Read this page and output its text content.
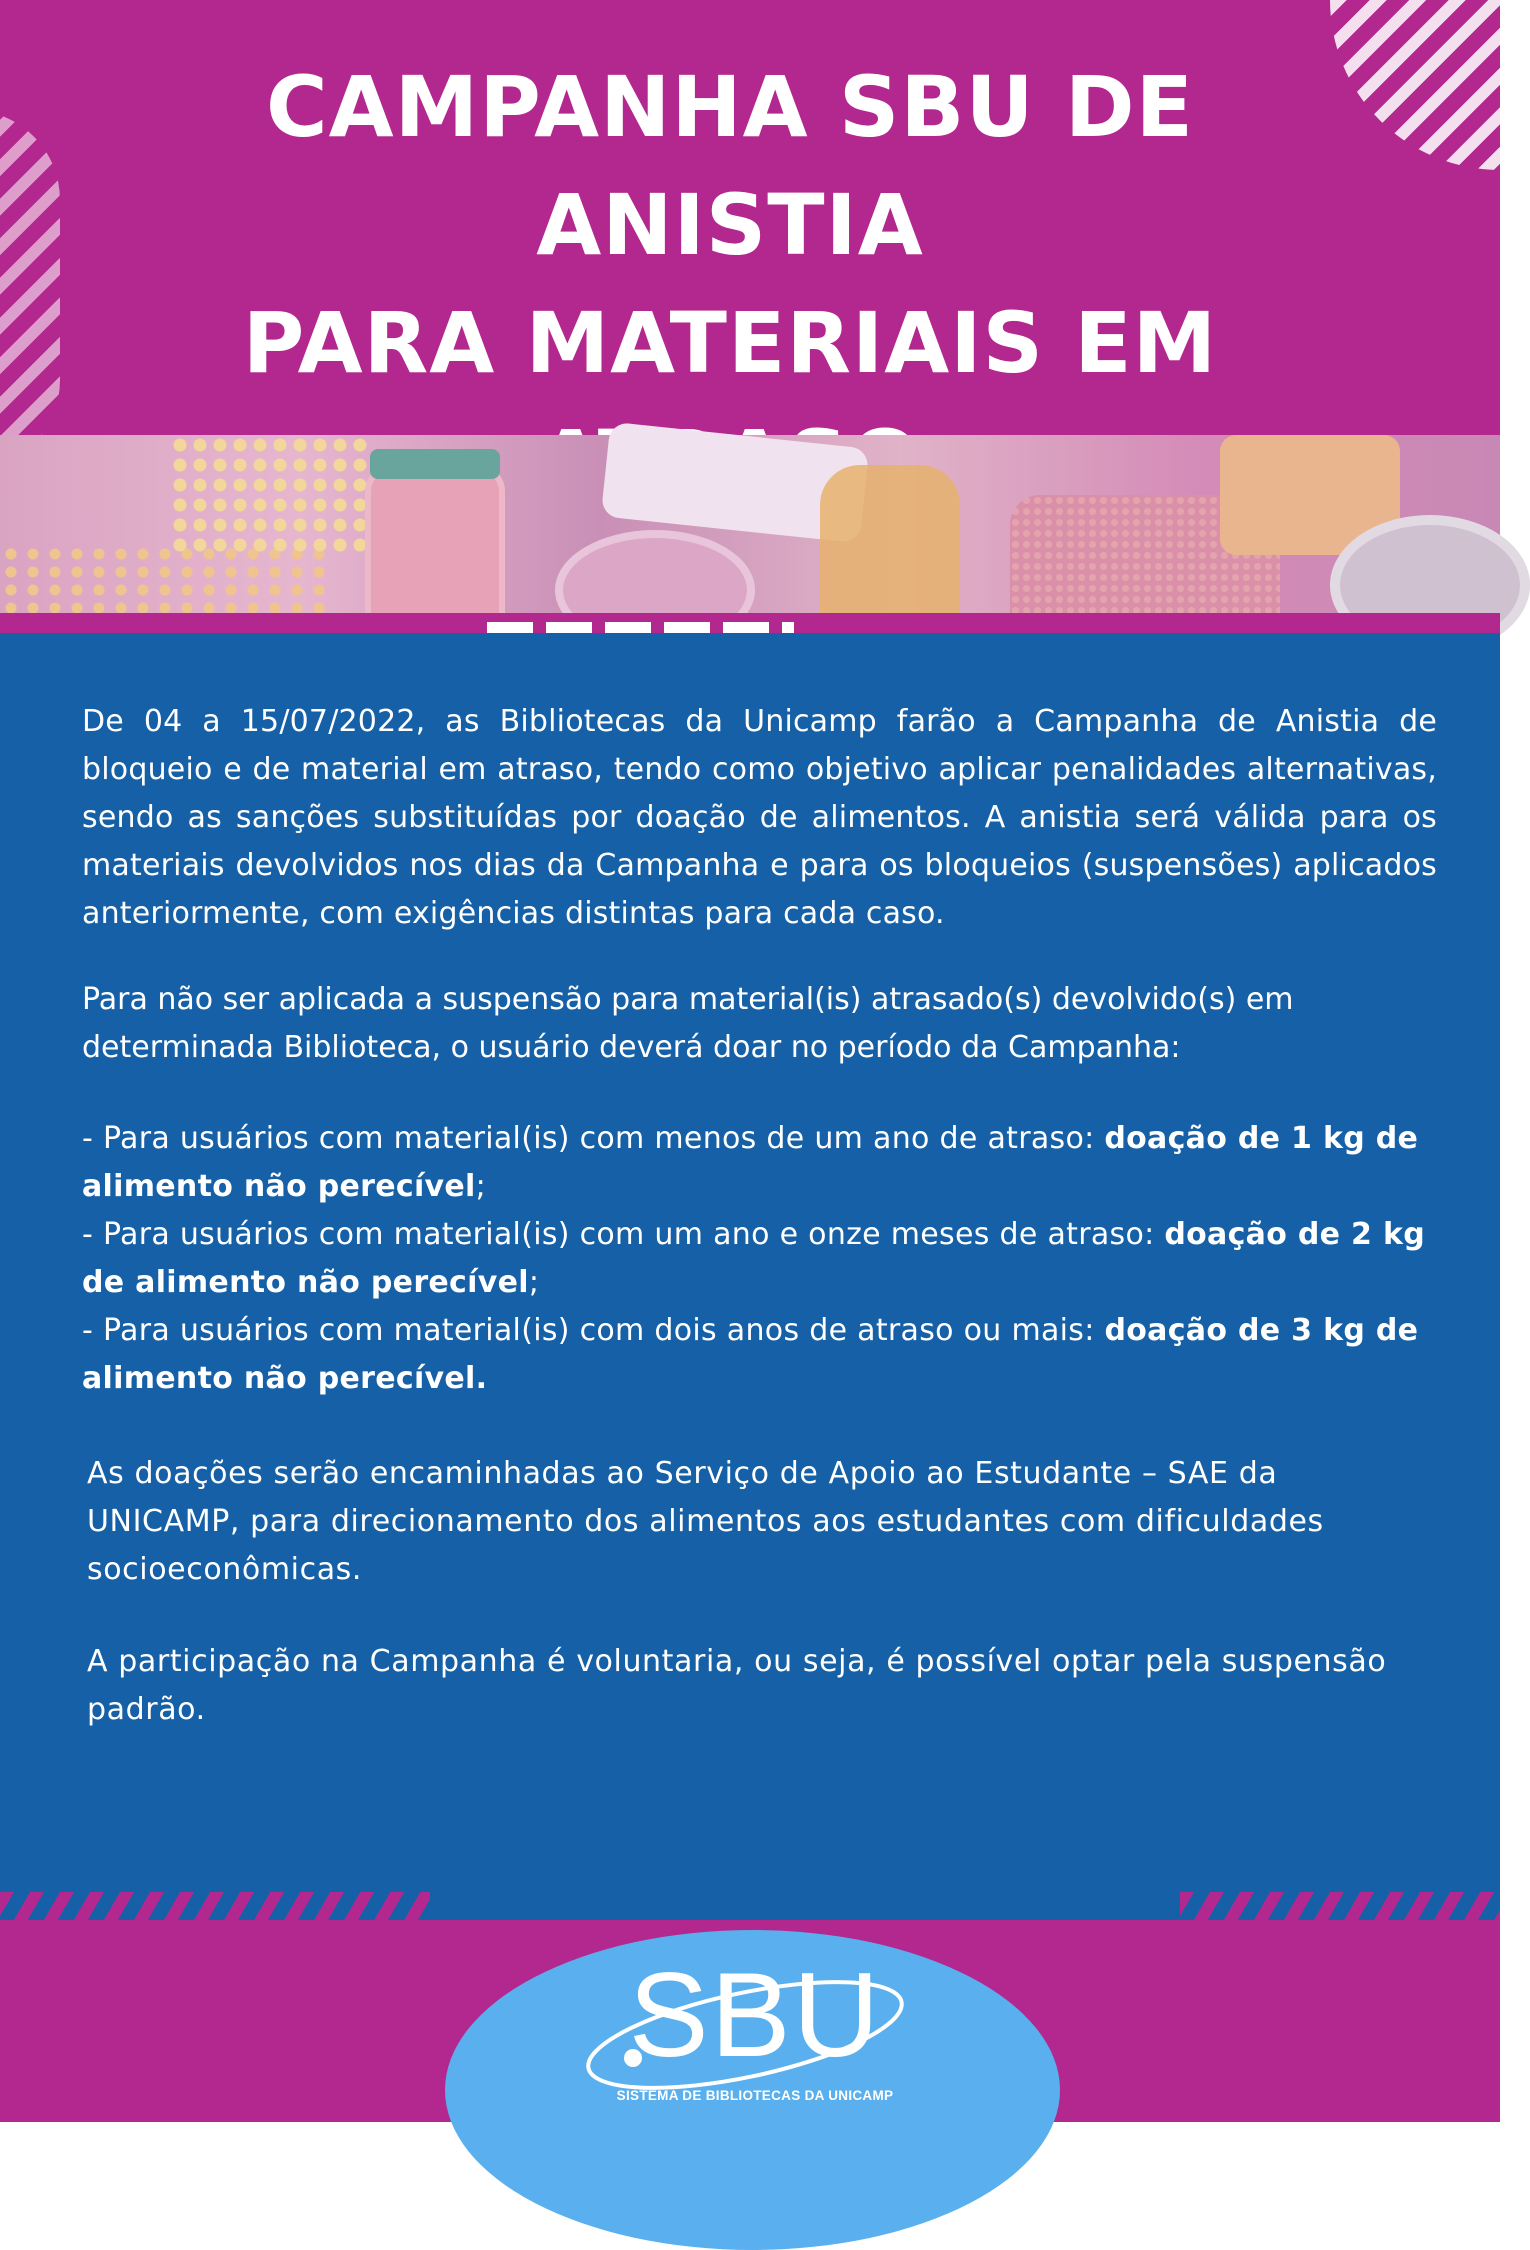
CAMPANHA SBU DE ANISTIA
PARA MATERIAIS EM

De 04 a 15/07/2022, as Bibliotecas da Unicamp farão a Campanha de Anistia de bloqueio e de material em atraso, tendo como objetivo aplicar penalidades alternativas, sendo as sanções substituídas por doação de alimentos. A anistia será válida para os materiais devolvidos nos dias da Campanha e para os bloqueios (suspensões) aplicados anteriormente, com exigências distintas para cada caso.

Para não ser aplicada a suspensão para material(is) atrasado(s) devolvido(s) em determinada Biblioteca, o usuário deverá doar no período da Campanha:

- Para usuários com material(is) com menos de um ano de atraso: doação de 1 kg de alimento não perecível;

- Para usuários com material(is) com um ano e onze meses de atraso: doação de 2 kg de alimento não perecível;

- Para usuários com material(is) com dois anos de atraso ou mais: doação de 3 kg de alimento não perecível.

As doações serão encaminhadas ao Serviço de Apoio ao Estudante – SAE da UNICAMP, para direcionamento dos alimentos aos estudantes com dificuldades socioeconômicas.

A participação na Campanha é voluntaria, ou seja, é possível optar pela suspensão padrão.

SBU
SISTEMA DE BIBLIOTECAS DA UNICAMP
